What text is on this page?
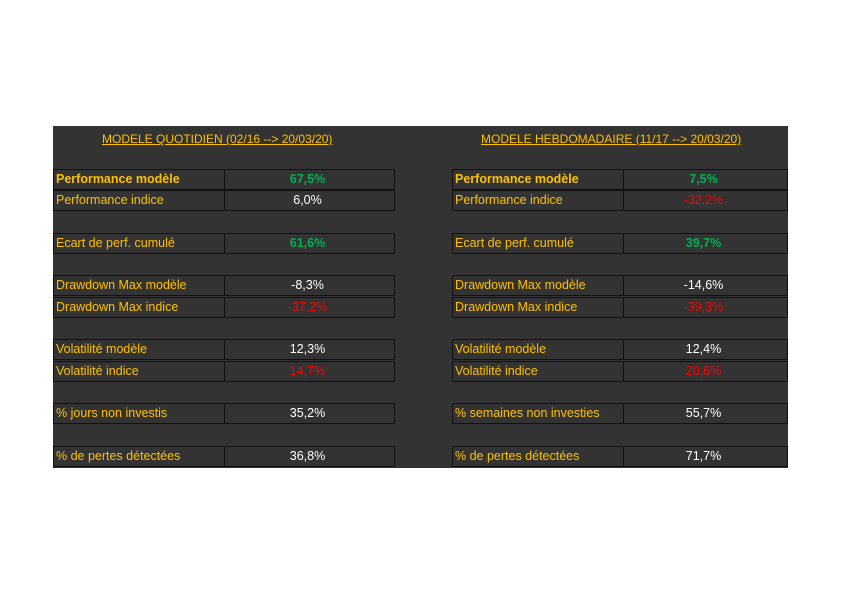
MODELE QUOTIDIEN (02/16 --> 20/03/20)
Performance modèle	67,5%
Performance indice	6,0%
Ecart de perf. cumulé	61,6%
Drawdown Max modèle	-8,3%
Drawdown Max indice	-37,2%
Volatilité modèle	12,3%
Volatilité indice	14,7%
% jours non investis	35,2%
% de pertes détectées	36,8%
MODELE HEBDOMADAIRE (11/17 --> 20/03/20)
Performance modèle	7,5%
Performance indice	-32,2%
Ecart de perf. cumulé	39,7%
Drawdown Max modèle	-14,6%
Drawdown Max indice	-39,3%
Volatilité modèle	12,4%
Volatilité indice	20,6%
% semaines non investies	55,7%
% de pertes détectées	71,7%
